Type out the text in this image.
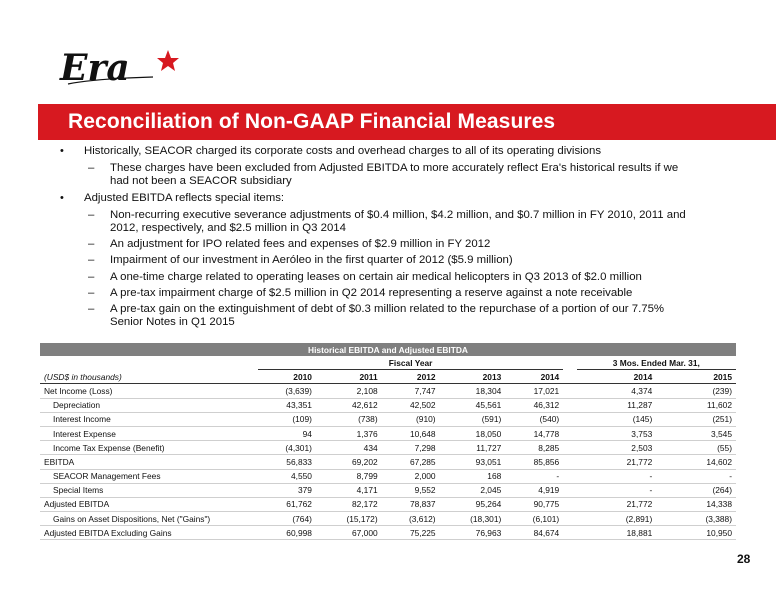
Era
Reconciliation of Non-GAAP Financial Measures
• Historically, SEACOR charged its corporate costs and overhead charges to all of its operating divisions
– These charges have been excluded from Adjusted EBITDA to more accurately reflect Era's historical results if we had not been a SEACOR subsidiary
• Adjusted EBITDA reflects special items:
– Non-recurring executive severance adjustments of $0.4 million, $4.2 million, and $0.7 million in FY 2010, 2011 and 2012, respectively, and $2.5 million in Q3 2014
– An adjustment for IPO related fees and expenses of $2.9 million in FY 2012
– Impairment of our investment in Aeróleo in the first quarter of 2012 ($5.9 million)
– A one-time charge related to operating leases on certain air medical helicopters in Q3 2013 of $2.0 million
– A pre-tax impairment charge of $2.5 million in Q2 2014 representing a reserve against a note receivable
– A pre-tax gain on the extinguishment of debt of $0.3 million related to the repurchase of a portion of our 7.75% Senior Notes in Q1 2015
Historical EBITDA and Adjusted EBITDA								
	Fiscal Year						3 Mos. Ended Mar. 31,	
(USD$ in thousands)	2010	2011	2012	2013	2014		2014	2015
Net Income (Loss)	(3,639)	2,108	7,747	18,304	17,021		4,374	(239)
Depreciation	43,351	42,612	42,502	45,561	46,312		11,287	11,602
Interest Income	(109)	(738)	(910)	(591)	(540)		(145)	(251)
Interest Expense	94	1,376	10,648	18,050	14,778		3,753	3,545
Income Tax Expense (Benefit)	(4,301)	434	7,298	11,727	8,285		2,503	(55)
EBITDA	56,833	69,202	67,285	93,051	85,856		21,772	14,602
SEACOR Management Fees	4,550	8,799	2,000	168	-		-	-
Special Items	379	4,171	9,552	2,045	4,919		-	(264)
Adjusted EBITDA	61,762	82,172	78,837	95,264	90,775		21,772	14,338
Gains on Asset Dispositions, Net ("Gains")	(764)	(15,172)	(3,612)	(18,301)	(6,101)		(2,891)	(3,388)
Adjusted EBITDA Excluding Gains	60,998	67,000	75,225	76,963	84,674		18,881	10,950
28
